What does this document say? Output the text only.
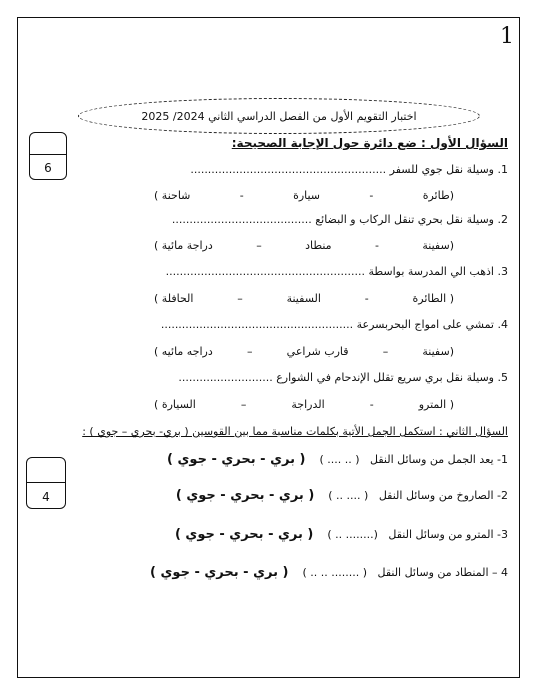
1
اختبار التقويم الأول من الفصل الدراسي الثاني 2024/ 2025
6
السؤال الأول : ضع دائرة حول الإجابة الصحيحة:
1. وسيلة نقل جوي للسفر ........................................................
(طائرة
-
سيارة
-
شاحنة )
2. وسيلة نقل بحري تنقل الركاب و البضائع ........................................
(سفينة
-
منطاد
–
دراجة مائية )
3. اذهب الي المدرسة بواسطة .........................................................
( الطائرة
-
السفينة
–
الحافلة )
4. تمشي على امواج البحربسرعة .......................................................
(سفينة
–
قارب شراعي
–
دراجه مائيه )
5. وسيلة نقل بري سريع تقلل الإندحام في الشوارع ...........................
( المترو
-
الدراجة
–
السيارة )
السؤال الثاني : استكمل الجمل الأتية بكلمات مناسبة مما بين القوسين ( بري- بحري – جوي ) :
4
1- يعد الجمل من وسائل النقل   ( .. .... )    ( بري - بحري - جوي )
2- الصاروخ من وسائل النقل   ( .... .. )    ( بري - بحري - جوي )
3- المترو من وسائل النقل   (........ .. )    ( بري - بحري - جوي )
4 – المنطاد من وسائل النقل   ( ........ .. .. )    ( بري - بحري - جوي )
